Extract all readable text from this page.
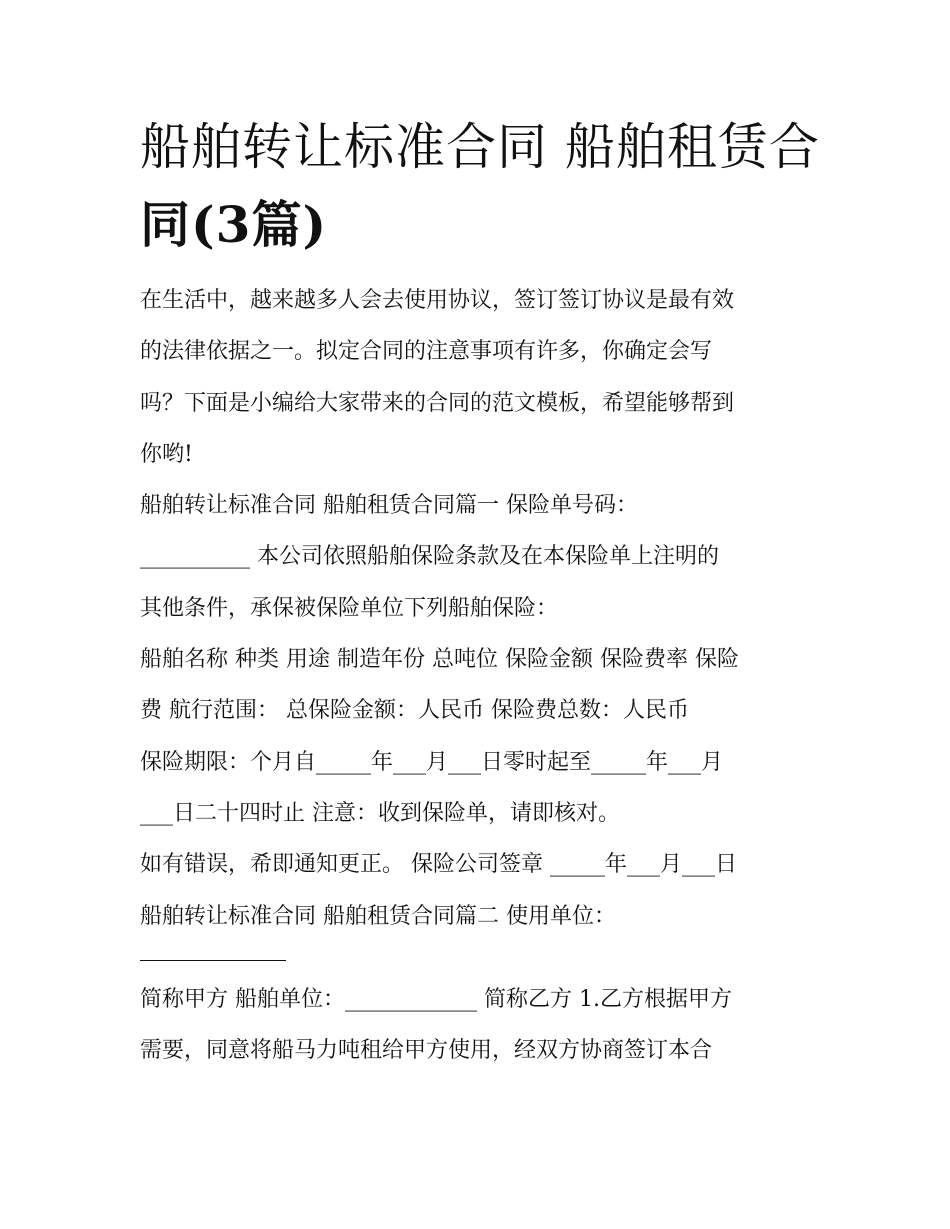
船舶转让标准合同 船舶租赁合
同(3篇)

在生活中，越来越多人会去使用协议，签订签订协议是最有效
的法律依据之一。拟定合同的注意事项有许多，你确定会写
吗？下面是小编给大家带来的合同的范文模板，希望能够帮到
你哟!

船舶转让标准合同 船舶租赁合同篇一 保险单号码：
__________ 本公司依照船舶保险条款及在本保险单上注明的
其他条件，承保被保险单位下列船舶保险：

船舶名称 种类 用途 制造年份 总吨位 保险金额 保险费率 保险
费 航行范围： 总保险金额：人民币 保险费总数：人民币

保险期限：个月自_____年___月___日零时起至_____年___月
___日二十四时止 注意：收到保险单，请即核对。

如有错误，希即通知更正。 保险公司签章 _____年___月___日

船舶转让标准合同 船舶租赁合同篇二 使用单位：
简称甲方 船舶单位：____________ 简称乙方 1.乙方根据甲方
需要，同意将船马力吨租给甲方使用，经双方协商签订本合
